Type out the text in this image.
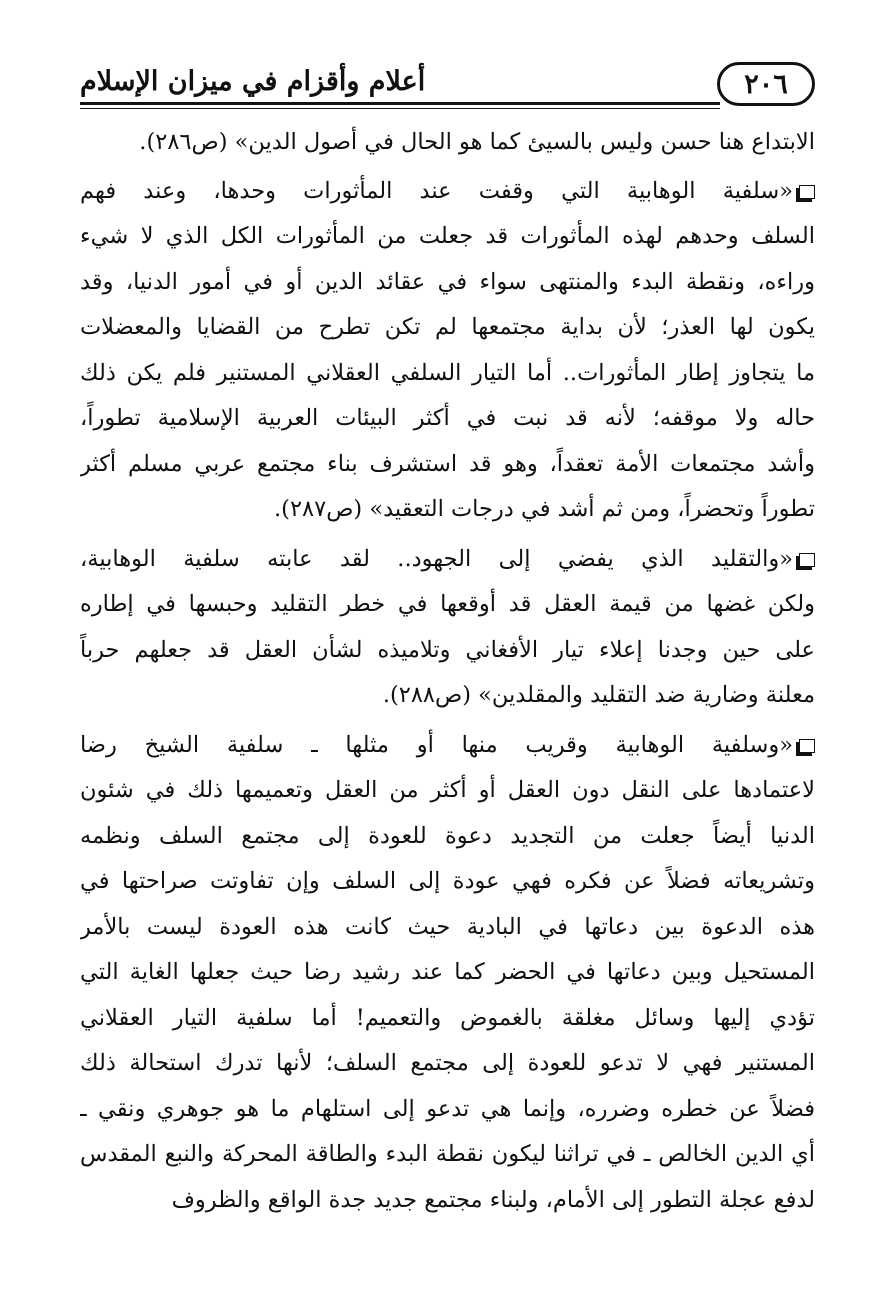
٢٠٦
أعلام وأقزام في ميزان الإسلام
الابتداع هنا حسن وليس بالسيئ كما هو الحال في أصول الدين» (ص٢٨٦).
«سلفية الوهابية التي وقفت عند المأثورات وحدها، وعند فهم
السلف وحدهم لهذه المأثورات قد جعلت من المأثورات الكل الذي لا شيء
وراءه، ونقطة البدء والمنتهى سواء في عقائد الدين أو في أمور الدنيا، وقد
يكون لها العذر؛ لأن بداية مجتمعها لم تكن تطرح من القضايا والمعضلات
ما يتجاوز إطار المأثورات.. أما التيار السلفي العقلاني المستنير فلم يكن ذلك
حاله ولا موقفه؛ لأنه قد نبت في أكثر البيئات العربية الإسلامية تطوراً،
وأشد مجتمعات الأمة تعقداً، وهو قد استشرف بناء مجتمع عربي مسلم أكثر
تطوراً وتحضراً، ومن ثم أشد في درجات التعقيد» (ص٢٨٧).
«والتقليد الذي يفضي إلى الجهود.. لقد عابته سلفية الوهابية،
ولكن غضها من قيمة العقل قد أوقعها في خطر التقليد وحبسها في إطاره
على حين وجدنا إعلاء تيار الأفغاني وتلاميذه لشأن العقل قد جعلهم حرباً
معلنة وضارية ضد التقليد والمقلدين» (ص٢٨٨).
«وسلفية الوهابية وقريب منها أو مثلها ـ سلفية الشيخ رضا
لاعتمادها على النقل دون العقل أو أكثر من العقل وتعميمها ذلك في شئون
الدنيا أيضاً جعلت من التجديد دعوة للعودة إلى مجتمع السلف ونظمه
وتشريعاته فضلاً عن فكره فهي عودة إلى السلف وإن تفاوتت صراحتها في
هذه الدعوة بين دعاتها في البادية حيث كانت هذه العودة ليست بالأمر
المستحيل وبين دعاتها في الحضر كما عند رشيد رضا حيث جعلها الغاية التي
تؤدي إليها وسائل مغلقة بالغموض والتعميم! أما سلفية التيار العقلاني
المستنير فهي لا تدعو للعودة إلى مجتمع السلف؛ لأنها تدرك استحالة ذلك
فضلاً عن خطره وضرره، وإنما هي تدعو إلى استلهام ما هو جوهري ونقي ـ
أي الدين الخالص ـ في تراثنا ليكون نقطة البدء والطاقة المحركة والنبع المقدس
لدفع عجلة التطور إلى الأمام، ولبناء مجتمع جديد جدة الواقع والظروف
